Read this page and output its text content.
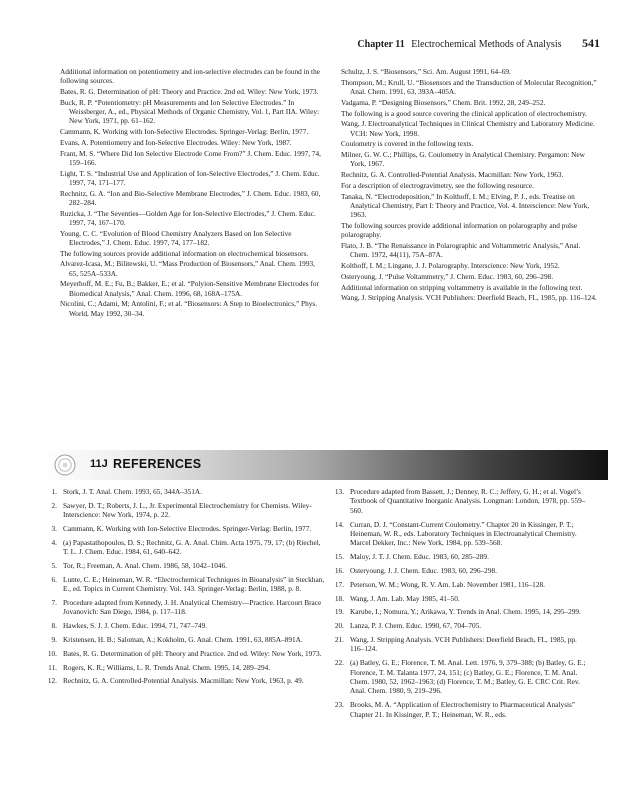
Chapter 11 Electrochemical Methods of Analysis 541

Additional information on potentiometry and ion-selective electrodes can be found in the following sources.

Bates, R. G. Determination of pH: Theory and Practice. 2nd ed. Wiley: New York, 1973.

Buck, R. P. “Potentiometry: pH Measurements and Ion Selective Electrodes.” In Weissberger, A., ed., Physical Methods of Organic Chemistry, Vol. 1, Part IIA. Wiley: New York, 1971, pp. 61–162.

Cammann, K. Working with Ion-Selective Electrodes. Springer-Verlag: Berlin, 1977.

Evans, A. Potentiometry and Ion-Selective Electrodes. Wiley: New York, 1987.

Frant, M. S. “Where Did Ion Selective Electrode Come From?” J. Chem. Educ. 1997, 74, 159–166.

Light, T. S. “Industrial Use and Application of Ion-Selective Electrodes,” J. Chem. Educ. 1997, 74, 171–177.

Rechnitz, G. A. “Ion and Bio-Selective Membrane Electrodes,” J. Chem. Educ. 1983, 60, 282–284.

Ruzicka, J. “The Seventies—Golden Age for Ion-Selective Electrodes,” J. Chem. Educ. 1997, 74, 167–170.

Young, C. C. “Evolution of Blood Chemistry Analyzers Based on Ion Selective Electrodes,” J. Chem. Educ. 1997, 74, 177–182.

The following sources provide additional information on electrochemical biosensors.

Alvarez-Icasa, M.; Bilitewski, U. “Mass Production of Biosensors,” Anal. Chem. 1993, 65, 525A–533A.

Meyerhoff, M. E.; Fu, B.; Bakker, E.; et al. “Polyion-Sensitive Membrane Electrodes for Biomedical Analysis,” Anal. Chem. 1996, 68, 168A–175A.

Nicolini, C.; Adami, M; Antolini, F.; et al. “Biosensors: A Step to Bioelectronics,” Phys. World, May 1992, 30–34.

Schultz, J. S. “Biosensors,” Sci. Am. August 1991, 64–69.

Thompson, M.; Krull, U. “Biosensors and the Transduction of Molecular Recognition,” Anal. Chem. 1991, 63, 393A–405A.

Vadgama, P. “Designing Biosensors,” Chem. Brit. 1992, 28, 249–252.

The following is a good source covering the clinical application of electrochemistry.

Wang, J. Electroanalytical Techniques in Clinical Chemistry and Laboratory Medicine. VCH: New York, 1998.

Coulometry is covered in the following texts.

Milner, G. W. C.; Phillips, G. Coulometry in Analytical Chemistry. Pergamon: New York, 1967.

Rechnitz, G. A. Controlled-Potential Analysis. Macmillan: New York, 1963.

For a description of electrogravimetry, see the following resource.

Tanaka, N. “Electrodeposition,” In Kolthoff, I. M.; Elving, P. J., eds. Treatise on Analytical Chemistry, Part I: Theory and Practice, Vol. 4. Interscience: New York, 1963.

The following sources provide additional information on polarography and pulse polarography.

Flato, J. B. “The Renaissance in Polarographic and Voltammetric Analysis,” Anal. Chem. 1972, 44(11), 75A–87A.

Kolthoff, I. M.; Lingane, J. J. Polarography. Interscience: New York, 1952.

Osteryoung, J. “Pulse Voltammetry,” J. Chem. Educ. 1983, 60, 296–298.

Additional information on stripping voltammetry is available in the following text.

Wang, J. Stripping Analysis. VCH Publishers: Deerfield Beach, FL, 1985, pp. 116–124.

11J REFERENCES
1. Stork, J. T. Anal. Chem. 1993, 65, 344A–351A.
2. Sawyer, D. T.; Roberts, J. L., Jr. Experimental Electrochemistry for Chemists. Wiley-Interscience: New York, 1974, p. 22.
3. Cammann, K. Working with Ion-Selective Electrodes. Springer-Verlag: Berlin, 1977.
4. (a) Papastathopoulos, D. S.; Rechnitz, G. A. Anal. Chim. Acta 1975, 79, 17; (b) Riechel, T. L. J. Chem. Educ. 1984, 61, 640–642.
5. Tor, R.; Freeman, A. Anal. Chem. 1986, 58, 1042–1046.
6. Lunte, C. E.; Heineman, W. R. “Electrochemical Techniques in Bioanalysis” in Steckhan, E., ed. Topics in Current Chemistry. Vol. 143. Springer-Verlag: Berlin, 1988, p. 8.
7. Procedure adapted from Kennedy, J. H. Analytical Chemistry—Practice. Harcourt Brace Jovanovich: San Diego, 1984, p. 117–118.
8. Hawkes, S. J. J. Chem. Educ. 1994, 71, 747–749.
9. Kristensen, H. B.; Saloman, A.; Kokholm, G. Anal. Chem. 1991, 63, 885A–891A.
10. Bates, R. G. Determination of pH: Theory and Practice. 2nd ed. Wiley: New York, 1973.
11. Rogers, K. R.; Williams, L. R. Trends Anal. Chem. 1995, 14, 289–294.
12. Rechnitz, G. A. Controlled-Potential Analysis. Macmillan: New York, 1963, p. 49.
13. Procedure adapted from Bassett, J.; Denney, R. C.; Jeffery, G. H.; et al. Vogel’s Textbook of Quantitative Inorganic Analysis. Longman: London, 1978, pp. 559–560.
14. Curran, D. J. “Constant-Current Coulometry.” Chapter 20 in Kissinger, P. T.; Heineman, W. R., eds. Laboratory Techniques in Electroanalytical Chemistry. Marcel Dekker, Inc.: New York, 1984, pp. 539–568.
15. Maloy, J. T. J. Chem. Educ. 1983, 60, 285–289.
16. Osteryoung, J. J. Chem. Educ. 1983, 60, 296–298.
17. Peterson, W. M.; Wong, R. V. Am. Lab. November 1981, 116–128.
18. Wang, J. Am. Lab. May 1985, 41–50.
19. Karube, I.; Nomura, Y.; Arikawa, Y. Trends in Anal. Chem. 1995, 14, 295–299.
20. Lanza, P. J. Chem. Educ. 1990, 67, 704–705.
21. Wang, J. Stripping Analysis. VCH Publishers: Deerfield Beach, FL, 1985, pp. 116–124.
22. (a) Batley, G. E.; Florence, T. M. Anal. Lett. 1976, 9, 379–388; (b) Batley, G. E.; Florence, T. M. Talanta 1977, 24, 151; (c) Batley, G. E.; Florence, T. M. Anal. Chem. 1980, 52, 1962–1963; (d) Florence, T. M.; Batley, G. E. CRC Crit. Rev. Anal. Chem. 1980, 9, 219–296.
23. Brooks, M. A. “Application of Electrochemistry to Pharmaceutical Analysis” Chapter 21. In Kissinger, P. T.; Heineman, W. R., eds.
